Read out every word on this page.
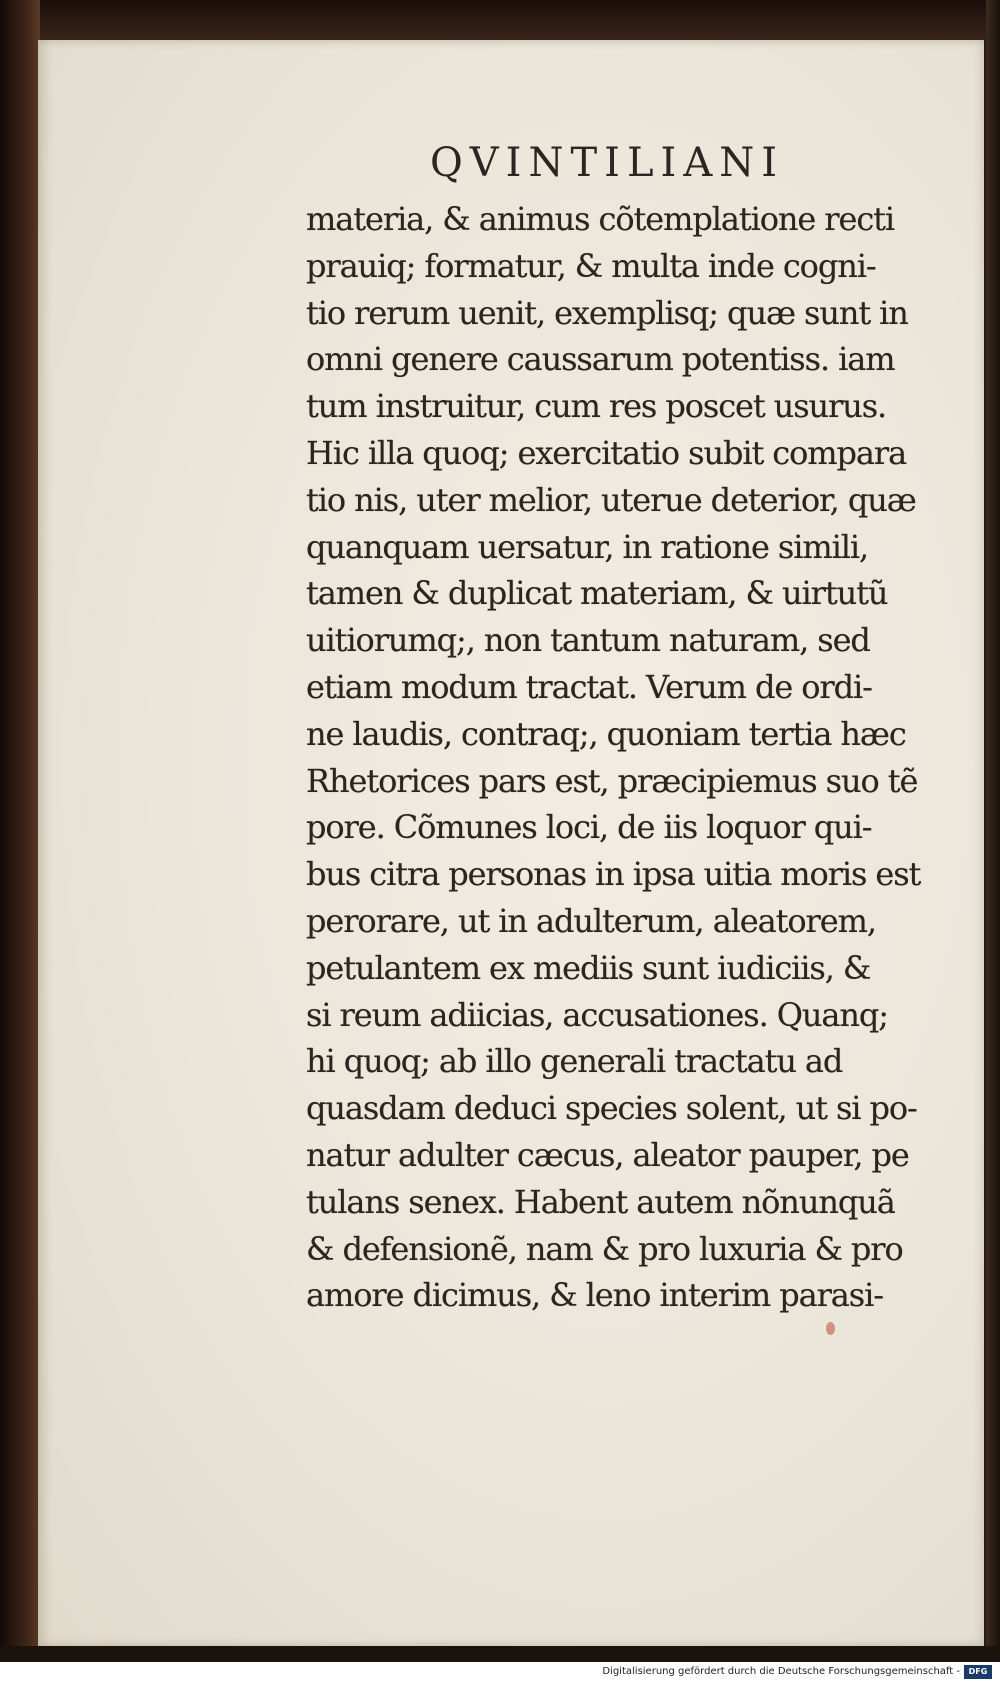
QVINTILIANI
materia, & animus cõtemplatione recti
prauiq; formatur, & multa inde cogni-
tio rerum uenit, exemplisq; quæ sunt in
omni genere caussarum potentiss. iam
tum instruitur, cum res poscet usurus.
Hic illa quoq; exercitatio subit compara
tio nis, uter melior, uterue deterior, quæ
quanquam uersatur, in ratione simili,
tamen & duplicat materiam, & uirtutũ
uitiorumq;, non tantum naturam, sed
etiam modum tractat. Verum de ordi-
ne laudis, contraq;, quoniam tertia hæc
Rhetorices pars est, præcipiemus suo tẽ
pore. Cõmunes loci, de iis loquor qui-
bus citra personas in ipsa uitia moris est
perorare, ut in adulterum, aleatorem,
petulantem ex mediis sunt iudiciis, &
si reum adiicias, accusationes. Quanq;
hi quoq; ab illo generali tractatu ad
quasdam deduci species solent, ut si po-
natur adulter cæcus, aleator pauper, pe
tulans senex. Habent autem nõnunquã
& defensionẽ, nam & pro luxuria & pro
amore dicimus, & leno interim parasi-
Digitalisierung gefördert durch die Deutsche Forschungsgemeinschaft -	DFG
